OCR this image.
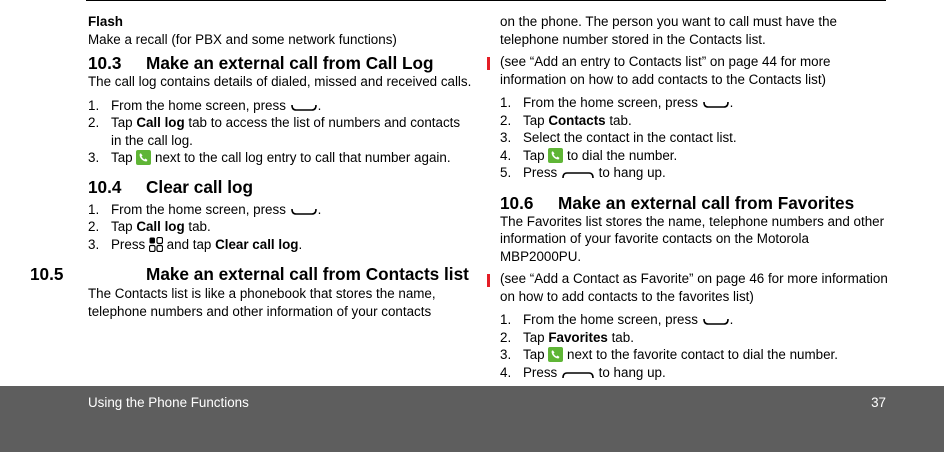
Flash

Make a recall (for PBX and some network functions)

10.3 Make an external call from Call Log

The call log contains details of dialed, missed and received calls.

1. From the home screen, press .
2. Tap Call log tab to access the list of numbers and contacts in the call log.
3. Tap  next to the call log entry to call that number again.

10.4 Clear call log

1. From the home screen, press .
2. Tap Call log tab.
3. Press  and tap Clear call log.

10.5	Make an external call from Contacts list

The Contacts list is like a phonebook that stores the name, telephone numbers and other information of your contacts

on the phone. The person you want to call must have the telephone number stored in the Contacts list.

(see “Add an entry to Contacts list” on page 44 for more information on how to add contacts to the Contacts list)

1. From the home screen, press .
2. Tap Contacts tab.
3. Select the contact in the contact list.
4. Tap  to dial the number.
5. Press	to hang up.

10.6 Make an external call from Favorites

The Favorites list stores the name, telephone numbers and other information of your favorite contacts on the Motorola MBP2000PU.

(see “Add a Contact as Favorite” on page 46 for more information on how to add contacts to the favorites list)

1. From the home screen, press .
2. Tap Favorites tab.
3. Tap  next to the favorite contact to dial the number.
4. Press	to hang up.
Using the Phone Functions	37
